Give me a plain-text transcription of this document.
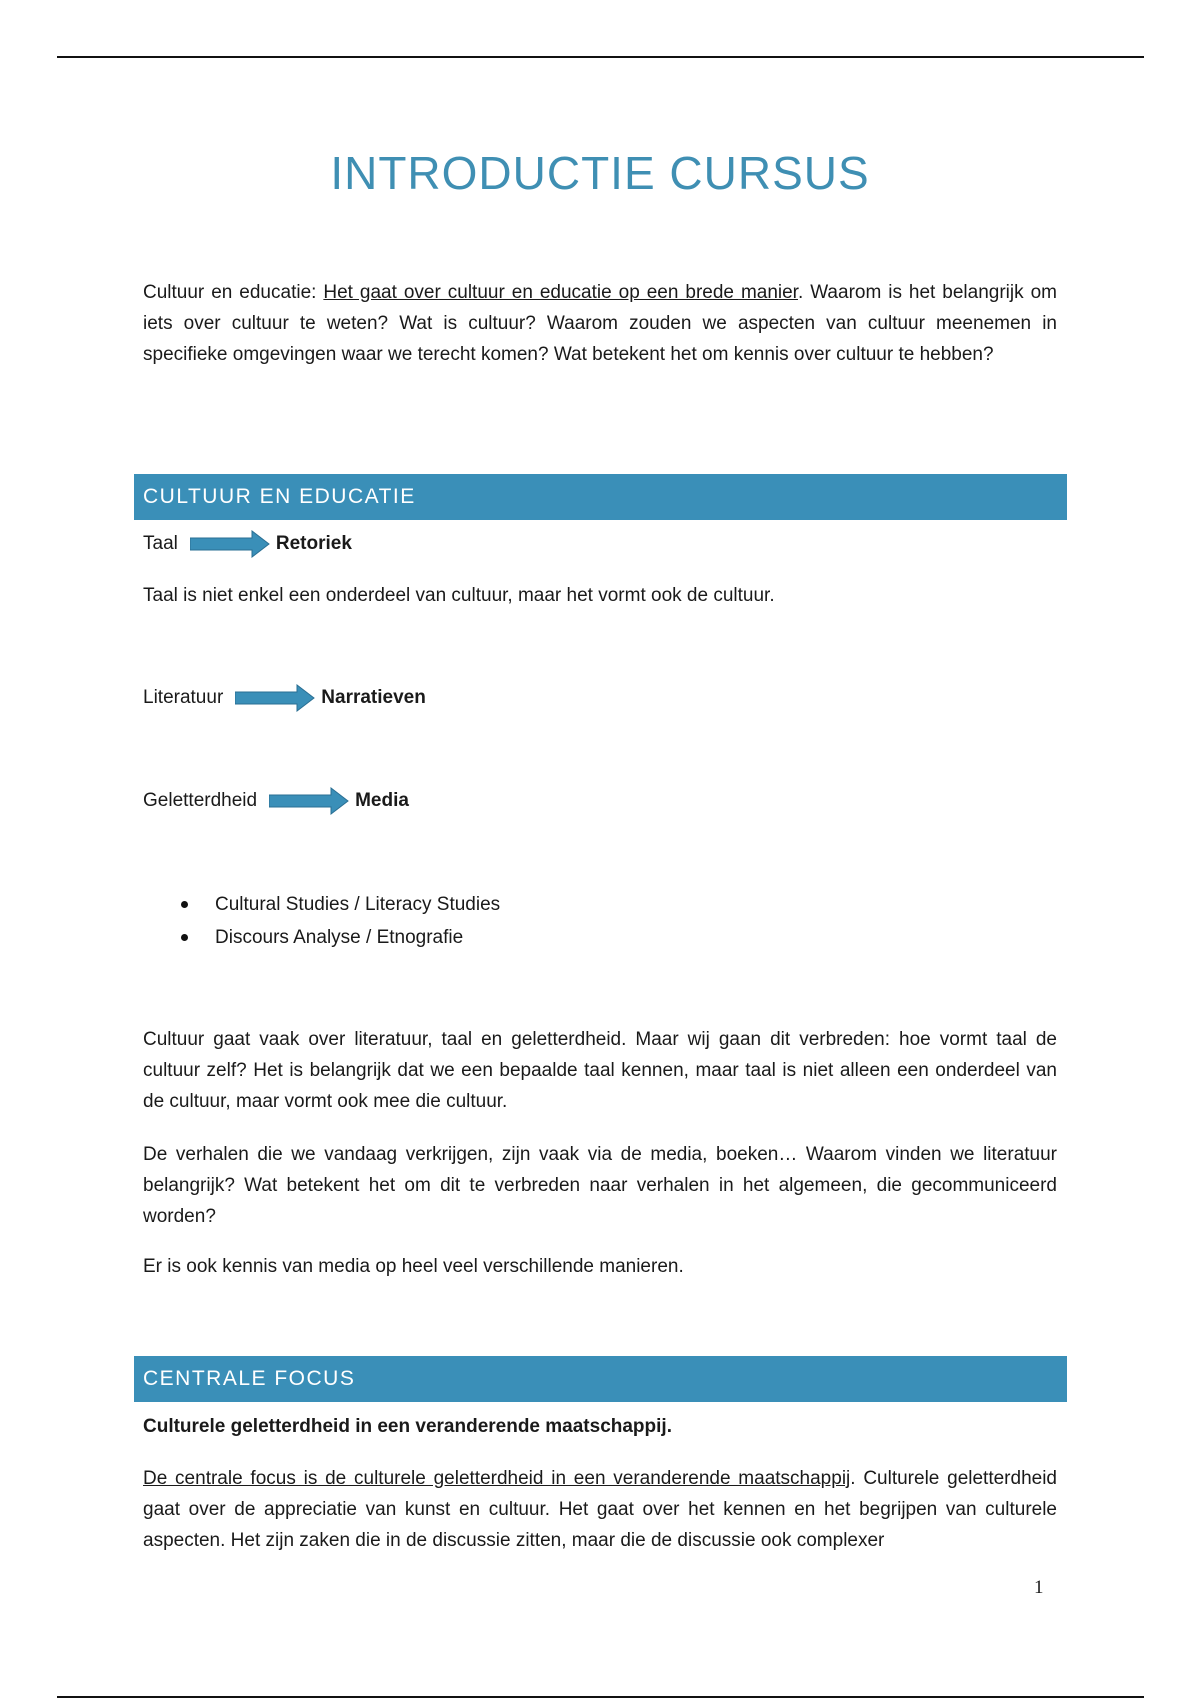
INTRODUCTIE CURSUS

Cultuur en educatie: Het gaat over cultuur en educatie op een brede manier. Waarom is het belangrijk om iets over cultuur te weten? Wat is cultuur? Waarom zouden we aspecten van cultuur meenemen in specifieke omgevingen waar we terecht komen? Wat betekent het om kennis over cultuur te hebben?

CULTUUR EN EDUCATIE
Taal	Retoriek

Taal is niet enkel een onderdeel van cultuur, maar het vormt ook de cultuur.

Literatuur	Narratieven
Geletterdheid	Media
Cultural Studies / Literacy Studies
Discours Analyse / Etnografie

Cultuur gaat vaak over literatuur, taal en geletterdheid. Maar wij gaan dit verbreden: hoe vormt taal de cultuur zelf? Het is belangrijk dat we een bepaalde taal kennen, maar taal is niet alleen een onderdeel van de cultuur, maar vormt ook mee die cultuur.

De verhalen die we vandaag verkrijgen, zijn vaak via de media, boeken… Waarom vinden we literatuur belangrijk? Wat betekent het om dit te verbreden naar verhalen in het algemeen, die gecommuniceerd worden?

Er is ook kennis van media op heel veel verschillende manieren.

CENTRALE FOCUS

Culturele geletterdheid in een veranderende maatschappij.

De centrale focus is de culturele geletterdheid in een veranderende maatschappij. Culturele geletterdheid gaat over de appreciatie van kunst en cultuur. Het gaat over het kennen en het begrijpen van culturele aspecten. Het zijn zaken die in de discussie zitten, maar die de discussie ook complexer

1
